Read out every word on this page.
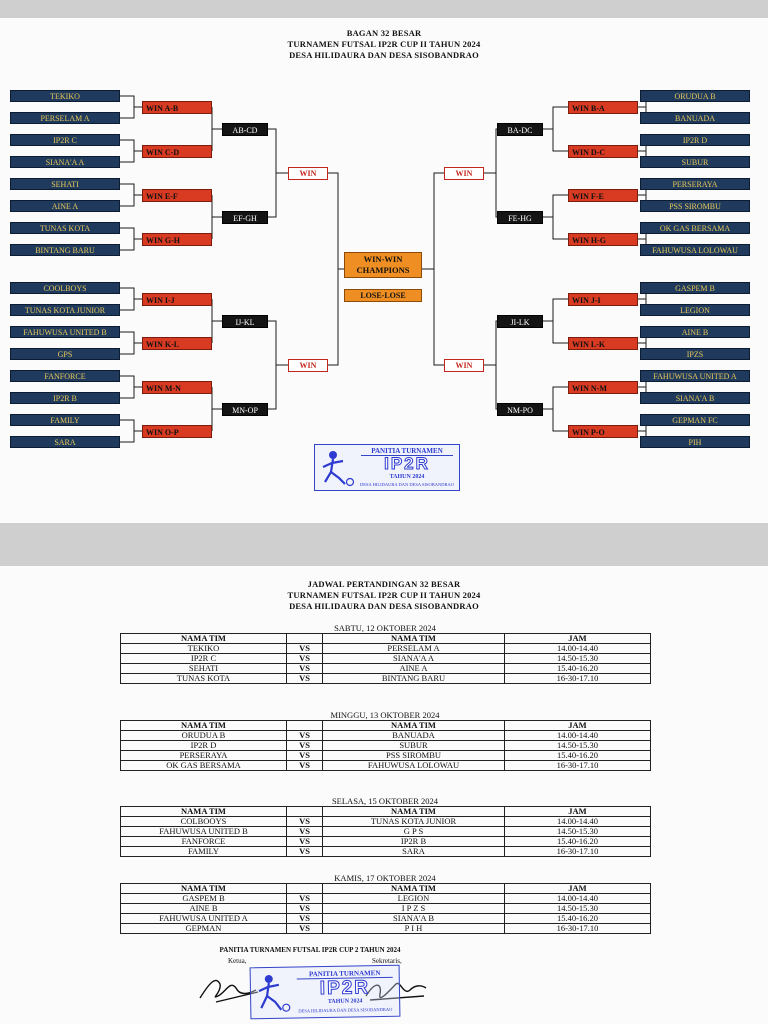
BAGAN 32 BESAR
TURNAMEN FUTSAL IP2R CUP II TAHUN 2024
DESA HILIDAURA DAN DESA SISOBANDRAO
TEKIKO	ORUDUA B
PERSELAM A	BANUADA
IP2R C	IP2R D
SIANA'A A	SUBUR
SEHATI	PERSERAYA
AINE A	PSS SIROMBU
TUNAS KOTA	OK GAS BERSAMA
BINTANG BARU	FAHUWUSA LOLOWAU
COOLBOYS	GASPEM B
TUNAS KOTA JUNIOR	LEGION
FAHUWUSA UNITED B	AINE B
GPS	IPZS
FANFORCE	FAHUWUSA UNITED A
IP2R B	SIANA'A B
FAMILY	GEPMAN FC
SARA	PIH
WIN A-B	WIN B-A
WIN C-D	WIN D-C
WIN E-F	WIN F-E
WIN G-H	WIN H-G
WIN I-J	WIN J-I
WIN K-L	WIN L-K
WIN M-N	WIN N-M
WIN O-P	WIN P-O
AB-CD	BA-DC
EF-GH	FE-HG
IJ-KL	JI-LK
MN-OP	NM-PO
WIN	WIN
WIN	WIN
WIN-WIN
CHAMPIONS
LOSE-LOSE
PANITIA TURNAMEN
IP2R
TAHUN 2024
DESA HILIDAURA DAN DESA SISOBANDRAO
JADWAL PERTANDINGAN 32 BESAR
TURNAMEN FUTSAL IP2R CUP II TAHUN 2024
DESA HILIDAURA DAN DESA SISOBANDRAO
SABTU, 12 OKTOBER 2024
NAMA TIM		NAMA TIM	JAM
TEKIKO	VS	PERSELAM A	14.00-14.40
IP2R C	VS	SIANA'A A	14.50-15.30
SEHATI	VS	AINE A	15.40-16.20
TUNAS KOTA	VS	BINTANG BARU	16-30-17.10
MINGGU, 13 OKTOBER 2024
NAMA TIM		NAMA TIM	JAM
ORUDUA B	VS	BANUADA	14.00-14.40
IP2R D	VS	SUBUR	14.50-15.30
PERSERAYA	VS	PSS SIROMBU	15.40-16.20
OK GAS BERSAMA	VS	FAHUWUSA LOLOWAU	16-30-17.10
SELASA, 15 OKTOBER 2024
NAMA TIM		NAMA TIM	JAM
COLBOOYS	VS	TUNAS KOTA JUNIOR	14.00-14.40
FAHUWUSA UNITED B	VS	G P S	14.50-15.30
FANFORCE	VS	IP2R B	15.40-16.20
FAMILY	VS	SARA	16-30-17.10
KAMIS, 17 OKTOBER 2024
NAMA TIM		NAMA TIM	JAM
GASPEM B	VS	LEGION	14.00-14.40
AINE B	VS	I P Z S	14.50-15.30
FAHUWUSA UNITED A	VS	SIANA'A B	15.40-16.20
GEPMAN	VS	P I H	16-30-17.10
PANITIA TURNAMEN FUTSAL IP2R CUP 2 TAHUN 2024
Ketua,	Sekretaris,
PANITIA TURNAMEN
IP2R
TAHUN 2024
DESA HILIDAURA DAN DESA SISOBANDRAO
